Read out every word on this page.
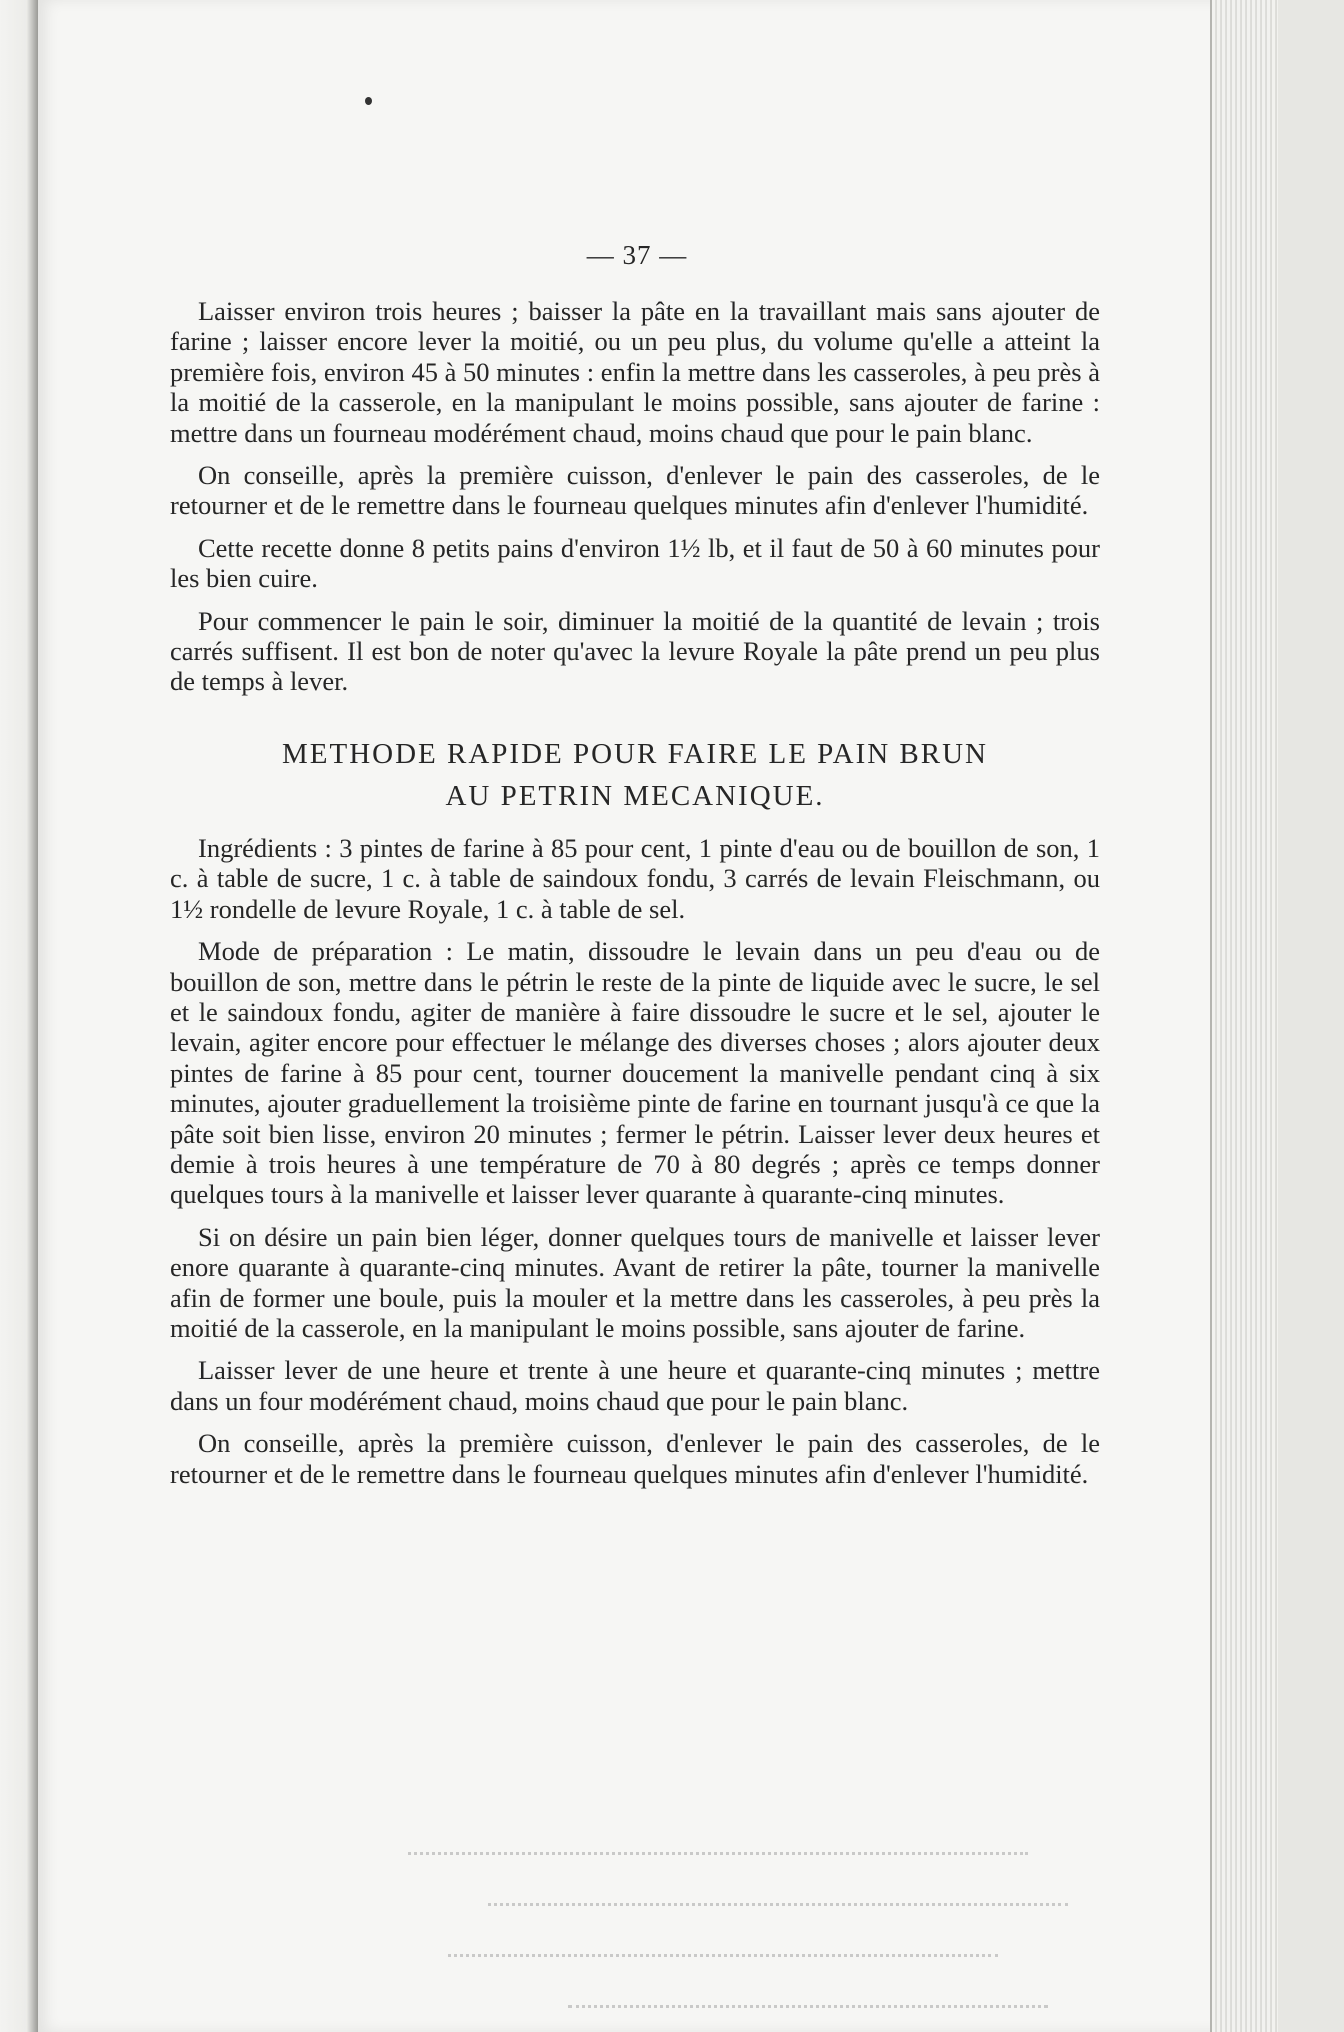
— 37 —

Laisser environ trois heures ; baisser la pâte en la travaillant mais sans ajouter de farine ; laisser encore lever la moitié, ou un peu plus, du volume qu'elle a atteint la première fois, environ 45 à 50 minutes : enfin la mettre dans les casseroles, à peu près à la moitié de la casserole, en la manipulant le moins possible, sans ajouter de farine : mettre dans un fourneau modérément chaud, moins chaud que pour le pain blanc.

On conseille, après la première cuisson, d'enlever le pain des casseroles, de le retourner et de le remettre dans le fourneau quelques minutes afin d'enlever l'humidité.

Cette recette donne 8 petits pains d'environ 1½ lb, et il faut de 50 à 60 minutes pour les bien cuire.

Pour commencer le pain le soir, diminuer la moitié de la quantité de levain ; trois carrés suffisent. Il est bon de noter qu'avec la levure Royale la pâte prend un peu plus de temps à lever.

METHODE RAPIDE POUR FAIRE LE PAIN BRUN
AU PETRIN MECANIQUE.

Ingrédients : 3 pintes de farine à 85 pour cent, 1 pinte d'eau ou de bouillon de son, 1 c. à table de sucre, 1 c. à table de saindoux fondu, 3 carrés de levain Fleischmann, ou 1½ rondelle de levure Royale, 1 c. à table de sel.

Mode de préparation : Le matin, dissoudre le levain dans un peu d'eau ou de bouillon de son, mettre dans le pétrin le reste de la pinte de liquide avec le sucre, le sel et le saindoux fondu, agiter de manière à faire dissoudre le sucre et le sel, ajouter le levain, agiter encore pour effectuer le mélange des diverses choses ; alors ajouter deux pintes de farine à 85 pour cent, tourner doucement la manivelle pendant cinq à six minutes, ajouter graduellement la troisième pinte de farine en tournant jusqu'à ce que la pâte soit bien lisse, environ 20 minutes ; fermer le pétrin. Laisser lever deux heures et demie à trois heures à une température de 70 à 80 degrés ; après ce temps donner quelques tours à la manivelle et laisser lever quarante à quarante-cinq minutes.

Si on désire un pain bien léger, donner quelques tours de manivelle et laisser lever enore quarante à quarante-cinq minutes. Avant de retirer la pâte, tourner la manivelle afin de former une boule, puis la mouler et la mettre dans les casseroles, à peu près la moitié de la casserole, en la manipulant le moins possible, sans ajouter de farine.

Laisser lever de une heure et trente à une heure et quarante-cinq minutes ; mettre dans un four modérément chaud, moins chaud que pour le pain blanc.

On conseille, après la première cuisson, d'enlever le pain des casseroles, de le retourner et de le remettre dans le fourneau quelques minutes afin d'enlever l'humidité.
